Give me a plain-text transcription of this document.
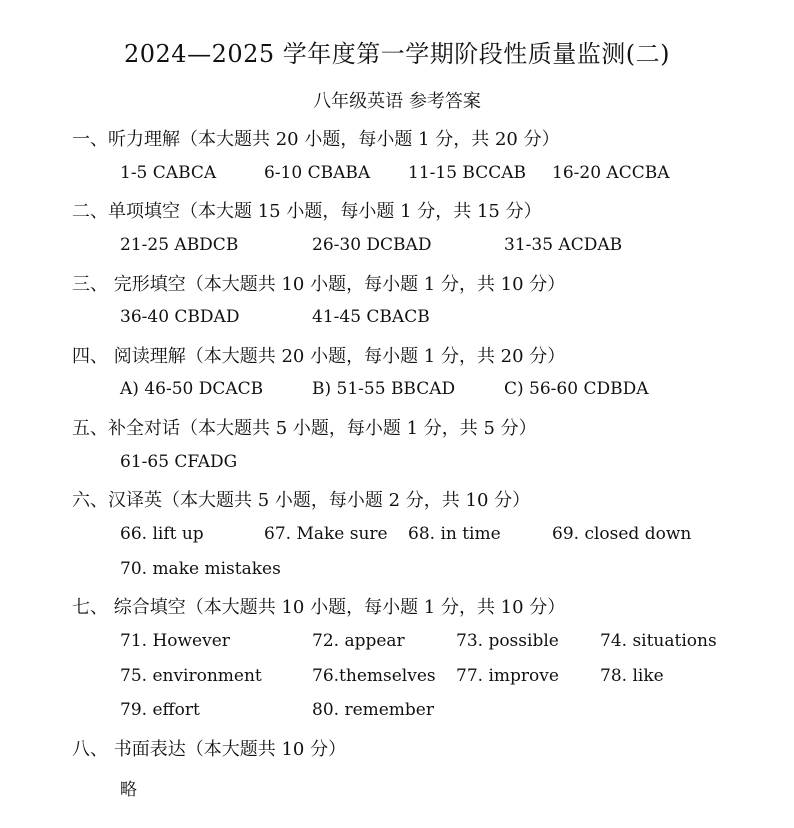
2024—2025 学年度第一学期阶段性质量监测(二)
八年级英语 参考答案
一、听力理解（本大题共 20 小题，每小题 1 分，共 20 分）
1-5 CABCA	6-10 CBABA 11-15 BCCAB 16-20 ACCBA
二、单项填空（本大题 15 小题，每小题 1 分，共 15 分）
21-25 ABDCB	26-30 DCBAD	31-35 ACDAB
三、 完形填空（本大题共 10 小题，每小题 1 分，共 10 分）
36-40 CBDAD	41-45 CBACB
四、 阅读理解（本大题共 20 小题，每小题 1 分，共 20 分）
A) 46-50 DCACB	B) 51-55 BBCAD	C) 56-60 CDBDA
五、补全对话（本大题共 5 小题，每小题 1 分，共 5 分）
61-65 CFADG
六、汉译英（本大题共 5 小题，每小题 2 分，共 10 分）
66. lift up	67. Make sure 68. in time	69. closed down
70. make mistakes
七、 综合填空（本大题共 10 小题，每小题 1 分，共 10 分）
71. However	72. appear	73. possible 74. situations
75. environment	76.themselves 77. improve 78. like
79. effort	80. remember
八、 书面表达（本大题共 10 分）
略
